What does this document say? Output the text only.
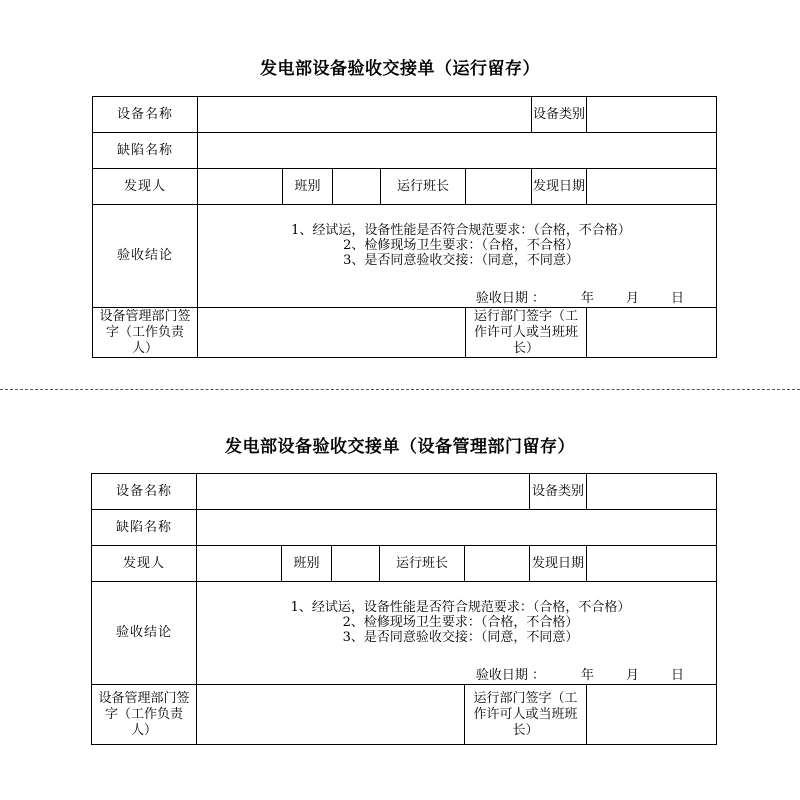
发电部设备验收交接单（运行留存）
设备名称						设备类别	
缺陷名称							
发现人		班别		运行班长		发现日期	
验收结论	1、经试运，设备性能是否符合规范要求：（合格，不合格）
2、检修现场卫生要求：（合格，不合格）
3、是否同意验收交接：（同意，不同意）
验收日期 ： 年 月 日						

设备管理部门签字（工作负责人）					运行部门签字（工作许可人或当班班长）		
发电部设备验收交接单（设备管理部门留存）
设备名称						设备类别	
缺陷名称							
发现人		班别		运行班长		发现日期	
验收结论	1、经试运，设备性能是否符合规范要求：（合格，不合格）
2、检修现场卫生要求：（合格，不合格）
3、是否同意验收交接：（同意，不同意）
验收日期 ： 年 月 日						

设备管理部门签字（工作负责人）					运行部门签字（工作许可人或当班班长）		
